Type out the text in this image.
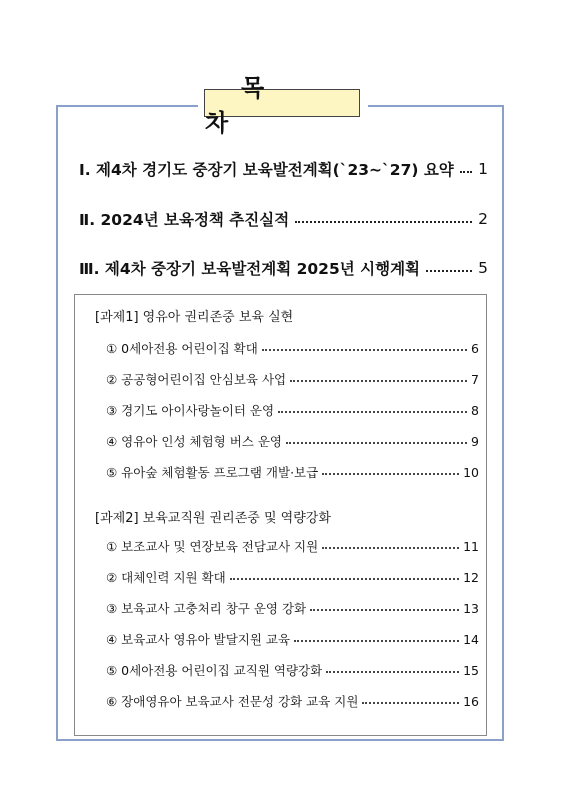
목 차
Ⅰ. 제4차 경기도 중장기 보육발전계획(`23~`27) 요약 1
Ⅱ. 2024년 보육정책 추진실적	2
Ⅲ. 제4차 중장기 보육발전계획 2025년 시행계획	5
[과제1] 영유아 권리존중 보육 실현
① 0세아전용 어린이집 확대	6
② 공공형어린이집 안심보육 사업	7
③ 경기도 아이사랑놀이터 운영	8
④ 영유아 인성 체험형 버스 운영	9
⑤ 유아숲 체험활동 프로그램 개발·보급	10
[과제2] 보육교직원 권리존중 및 역량강화
① 보조교사 및 연장보육 전담교사 지원	11
② 대체인력 지원 확대	12
③ 보육교사 고충처리 창구 운영 강화	13
④ 보육교사 영유아 발달지원 교육	14
⑤ 0세아전용 어린이집 교직원 역량강화	15
⑥ 장애영유아 보육교사 전문성 강화 교육 지원	16
